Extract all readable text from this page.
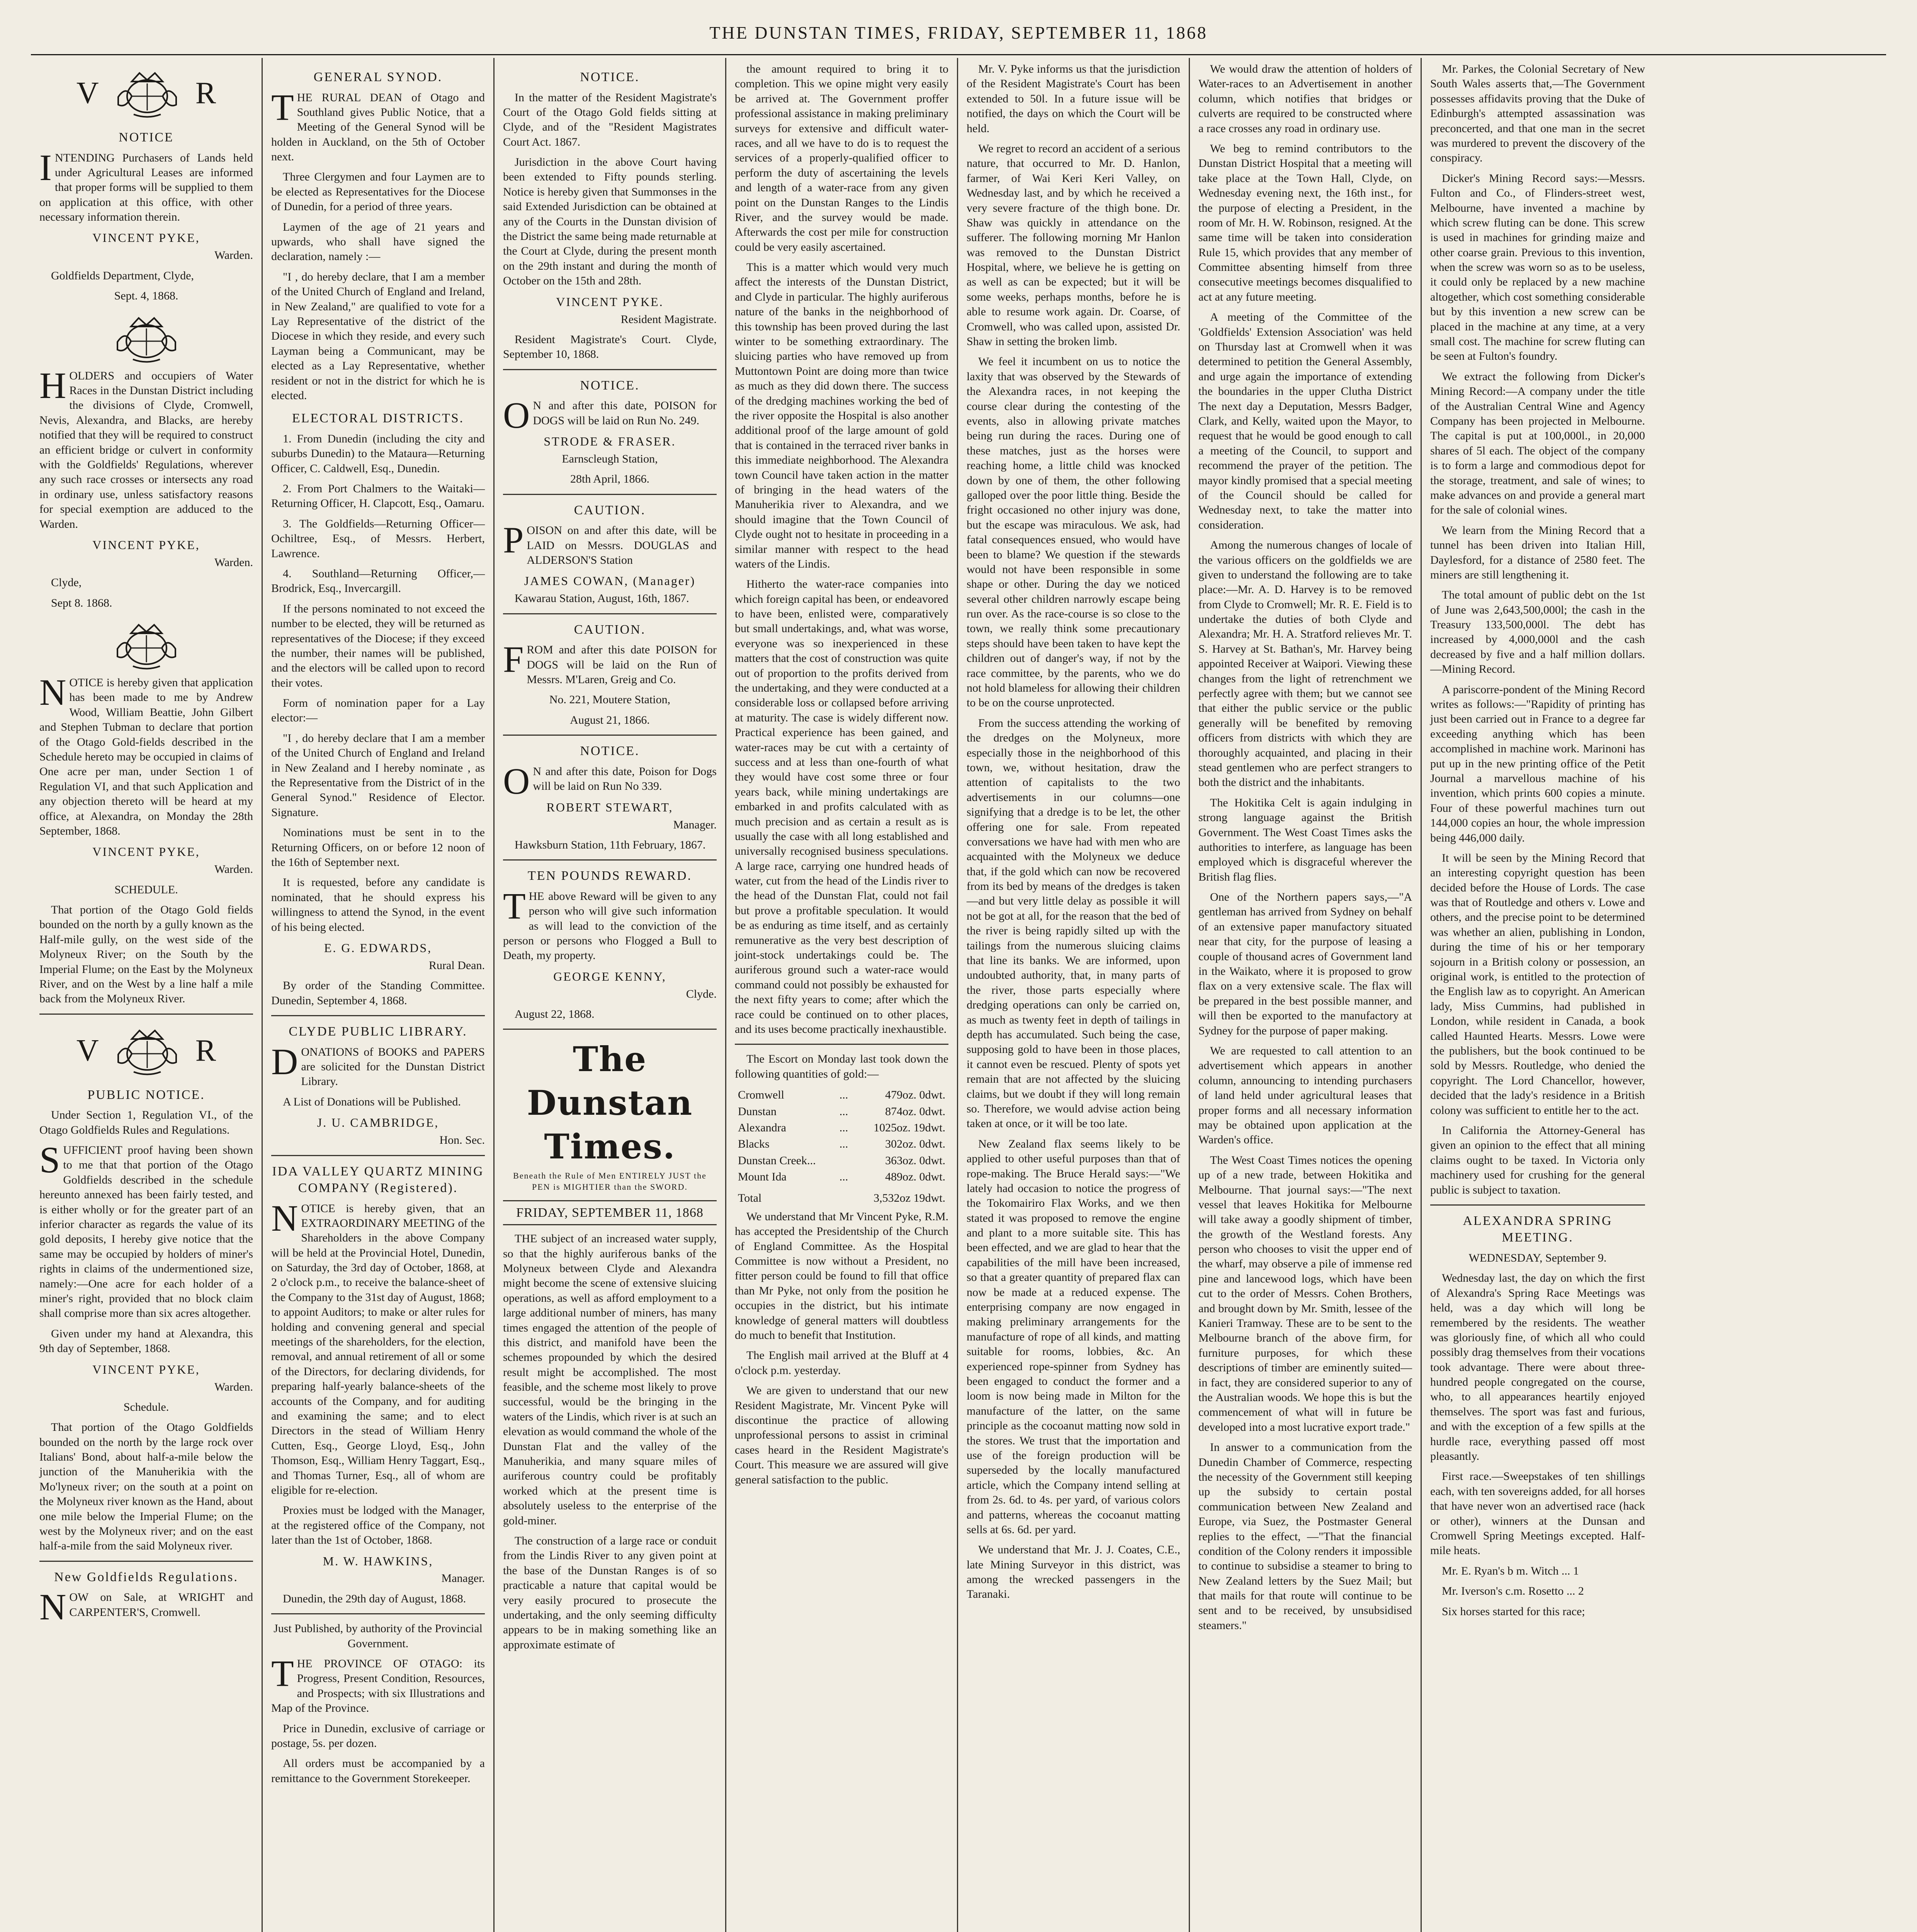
THE DUNSTAN TIMES, FRIDAY, SEPTEMBER 11, 1868
V	R
NOTICE

INTENDING Purchasers of Lands held under Agricultural Leases are informed that proper forms will be supplied to them on application at this office, with other necessary information therein.

VINCENT PYKE,

Warden.

Goldfields Department, Clyde,

Sept. 4, 1868.

HOLDERS and occupiers of Water Races in the Dunstan District including the divisions of Clyde, Cromwell, Nevis, Alexandra, and Blacks, are hereby notified that they will be required to construct an efficient bridge or culvert in conformity with the Goldfields' Regulations, wherever any such race crosses or intersects any road in ordinary use, unless satisfactory reasons for special exemption are adduced to the Warden.

VINCENT PYKE,

Warden.

Clyde,

Sept 8. 1868.

NOTICE is hereby given that application has been made to me by Andrew Wood, William Beattie, John Gilbert and Stephen Tubman to declare that portion of the Otago Gold-fields described in the Schedule hereto may be occupied in claims of One acre per man, under Section 1 of Regulation VI, and that such Application and any objection thereto will be heard at my office, at Alexandra, on Monday the 28th September, 1868.

VINCENT PYKE,

Warden.

SCHEDULE.

That portion of the Otago Gold fields bounded on the north by a gully known as the Half-mile gully, on the west side of the Molyneux River; on the South by the Imperial Flume; on the East by the Molyneux River, and on the West by a line half a mile back from the Molyneux River.

V	R
PUBLIC NOTICE.

Under Section 1, Regulation VI., of the Otago Goldfields Rules and Regulations.

SUFFICIENT proof having been shown to me that that portion of the Otago Goldfields described in the schedule hereunto annexed has been fairly tested, and is either wholly or for the greater part of an inferior character as regards the value of its gold deposits, I hereby give notice that the same may be occupied by holders of miner's rights in claims of the undermentioned size, namely:—One acre for each holder of a miner's right, provided that no block claim shall comprise more than six acres altogether.

Given under my hand at Alexandra, this 9th day of September, 1868.

VINCENT PYKE,

Warden.

Schedule.

That portion of the Otago Goldfields bounded on the north by the large rock over Italians' Bond, about half-a-mile below the junction of the Manuherikia with the Mo'lyneux river; on the south at a point on the Molyneux river known as the Hand, about one mile below the Imperial Flume; on the west by the Molyneux river; and on the east half-a-mile from the said Molyneux river.

New Goldfields Regulations.

NOW on Sale, at WRIGHT and CARPENTER'S, Cromwell.

GENERAL SYNOD.

THE RURAL DEAN of Otago and Southland gives Public Notice, that a Meeting of the General Synod will be holden in Auckland, on the 5th of October next.

Three Clergymen and four Laymen are to be elected as Representatives for the Diocese of Dunedin, for a period of three years.

Laymen of the age of 21 years and upwards, who shall have signed the declaration, namely :—

"I , do hereby declare, that I am a member of the United Church of England and Ireland, in New Zealand," are qualified to vote for a Lay Representative of the district of the Diocese in which they reside, and every such Layman being a Communicant, may be elected as a Lay Representative, whether resident or not in the district for which he is elected.

ELECTORAL DISTRICTS.

1. From Dunedin (including the city and suburbs Dunedin) to the Mataura—Returning Officer, C. Caldwell, Esq., Dunedin.

2. From Port Chalmers to the Waitaki—Returning Officer, H. Clapcott, Esq., Oamaru.

3. The Goldfields—Returning Officer—Ochiltree, Esq., of Messrs. Herbert, Lawrence.

4. Southland—Returning Officer,—Brodrick, Esq., Invercargill.

If the persons nominated to not exceed the number to be elected, they will be returned as representatives of the Diocese; if they exceed the number, their names will be published, and the electors will be called upon to record their votes.

Form of nomination paper for a Lay elector:—

"I , do hereby declare that I am a member of the United Church of England and Ireland in New Zealand and I hereby nominate , as the Representative from the District of in the General Synod." Residence of Elector. Signature.

Nominations must be sent in to the Returning Officers, on or before 12 noon of the 16th of September next.

It is requested, before any candidate is nominated, that he should express his willingness to attend the Synod, in the event of his being elected.

E. G. EDWARDS,

Rural Dean.

By order of the Standing Committee. Dunedin, September 4, 1868.

CLYDE PUBLIC LIBRARY.

DONATIONS of BOOKS and PAPERS are solicited for the Dunstan District Library.

A List of Donations will be Published.

J. U. CAMBRIDGE,

Hon. Sec.

IDA VALLEY QUARTZ MINING COMPANY (Registered).

NOTICE is hereby given, that an EXTRAORDINARY MEETING of the Shareholders in the above Company will be held at the Provincial Hotel, Dunedin, on Saturday, the 3rd day of October, 1868, at 2 o'clock p.m., to receive the balance-sheet of the Company to the 31st day of August, 1868; to appoint Auditors; to make or alter rules for holding and convening general and special meetings of the shareholders, for the election, removal, and annual retirement of all or some of the Directors, for declaring dividends, for preparing half-yearly balance-sheets of the accounts of the Company, and for auditing and examining the same; and to elect Directors in the stead of William Henry Cutten, Esq., George Lloyd, Esq., John Thomson, Esq., William Henry Taggart, Esq., and Thomas Turner, Esq., all of whom are eligible for re-election.

Proxies must be lodged with the Manager, at the registered office of the Company, not later than the 1st of October, 1868.

M. W. HAWKINS,

Manager.

Dunedin, the 29th day of August, 1868.

Just Published, by authority of the Provincial Government.

THE PROVINCE OF OTAGO: its Progress, Present Condition, Resources, and Prospects; with six Illustrations and Map of the Province.

Price in Dunedin, exclusive of carriage or postage, 5s. per dozen.

All orders must be accompanied by a remittance to the Government Storekeeper.

NOTICE.

In the matter of the Resident Magistrate's Court of the Otago Gold fields sitting at Clyde, and of the "Resident Magistrates Court Act. 1867.

Jurisdiction in the above Court having been extended to Fifty pounds sterling. Notice is hereby given that Summonses in the said Extended Jurisdiction can be obtained at any of the Courts in the Dunstan division of the District the same being made returnable at the Court at Clyde, during the present month on the 29th instant and during the month of October on the 15th and 28th.

VINCENT PYKE.

Resident Magistrate.

Resident Magistrate's Court. Clyde, September 10, 1868.

NOTICE.

O N and after this date, POISON for DOGS will be laid on Run No. 249.

STRODE & FRASER.

Earnscleugh Station,

28th April, 1866.

CAUTION.

POISON on and after this date, will be LAID on Messrs. DOUGLAS and ALDERSON'S Station

JAMES COWAN, (Manager)

Kawarau Station, August, 16th, 1867.

CAUTION.

FROM and after this date POISON for DOGS will be laid on the Run of Messrs. M'Laren, Greig and Co.

No. 221, Moutere Station,

August 21, 1866.

NOTICE.

O N and after this date, Poison for Dogs will be laid on Run No 339.

ROBERT STEWART,

Manager.

Hawksburn Station, 11th February, 1867.

TEN POUNDS REWARD.

THE above Reward will be given to any person who will give such information as will lead to the conviction of the person or persons who Flogged a Bull to Death, my property.

GEORGE KENNY,

Clyde.

August 22, 1868.

The Dunstan Times.
Beneath the Rule of Men ENTIRELY JUST the PEN is MIGHTIER than the SWORD.
FRIDAY, SEPTEMBER 11, 1868

THE subject of an increased water supply, so that the highly auriferous banks of the Molyneux between Clyde and Alexandra might become the scene of extensive sluicing operations, as well as afford employment to a large additional number of miners, has many times engaged the attention of the people of this district, and manifold have been the schemes propounded by which the desired result might be accomplished. The most feasible, and the scheme most likely to prove successful, would be the bringing in the waters of the Lindis, which river is at such an elevation as would command the whole of the Dunstan Flat and the valley of the Manuherikia, and many square miles of auriferous country could be profitably worked which at the present time is absolutely useless to the enterprise of the gold-miner.

The construction of a large race or conduit from the Lindis River to any given point at the base of the Dunstan Ranges is of so practicable a nature that capital would be very easily procured to prosecute the undertaking, and the only seeming difficulty appears to be in making something like an approximate estimate of

the amount required to bring it to completion. This we opine might very easily be arrived at. The Government proffer professional assistance in making preliminary surveys for extensive and difficult water-races, and all we have to do is to request the services of a properly-qualified officer to perform the duty of ascertaining the levels and length of a water-race from any given point on the Dunstan Ranges to the Lindis River, and the survey would be made. Afterwards the cost per mile for construction could be very easily ascertained.

This is a matter which would very much affect the interests of the Dunstan District, and Clyde in particular. The highly auriferous nature of the banks in the neighborhood of this township has been proved during the last winter to be something extraordinary. The sluicing parties who have removed up from Muttontown Point are doing more than twice as much as they did down there. The success of the dredging machines working the bed of the river opposite the Hospital is also another additional proof of the large amount of gold that is contained in the terraced river banks in this immediate neighborhood. The Alexandra town Council have taken action in the matter of bringing in the head waters of the Manuherikia river to Alexandra, and we should imagine that the Town Council of Clyde ought not to hesitate in proceeding in a similar manner with respect to the head waters of the Lindis.

Hitherto the water-race companies into which foreign capital has been, or endeavored to have been, enlisted were, comparatively but small undertakings, and, what was worse, everyone was so inexperienced in these matters that the cost of construction was quite out of proportion to the profits derived from the undertaking, and they were conducted at a considerable loss or collapsed before arriving at maturity. The case is widely different now. Practical experience has been gained, and water-races may be cut with a certainty of success and at less than one-fourth of what they would have cost some three or four years back, while mining undertakings are embarked in and profits calculated with as much precision and as certain a result as is usually the case with all long established and universally recognised business speculations. A large race, carrying one hundred heads of water, cut from the head of the Lindis river to the head of the Dunstan Flat, could not fail but prove a profitable speculation. It would be as enduring as time itself, and as certainly remunerative as the very best description of joint-stock undertakings could be. The auriferous ground such a water-race would command could not possibly be exhausted for the next fifty years to come; after which the race could be continued on to other places, and its uses become practically inexhaustible.

The Escort on Monday last took down the following quantities of gold:—

Cromwell	...	479oz. 0dwt.
Dunstan	...	874oz. 0dwt.
Alexandra	...	1025oz. 19dwt.
Blacks	...	302oz. 0dwt.
Dunstan Creek...		363oz. 0dwt.
Mount Ida	...	489oz. 0dwt.
Total		3,532oz 19dwt.

We understand that Mr Vincent Pyke, R.M. has accepted the Presidentship of the Church of England Committee. As the Hospital Committee is now without a President, no fitter person could be found to fill that office than Mr Pyke, not only from the position he occupies in the district, but his intimate knowledge of general matters will doubtless do much to benefit that Institution.

The English mail arrived at the Bluff at 4 o'clock p.m. yesterday.

We are given to understand that our new Resident Magistrate, Mr. Vincent Pyke will discontinue the practice of allowing unprofessional persons to assist in criminal cases heard in the Resident Magistrate's Court. This measure we are assured will give general satisfaction to the public.

Mr. V. Pyke informs us that the jurisdiction of the Resident Magistrate's Court has been extended to 50l. In a future issue will be notified, the days on which the Court will be held.

We regret to record an accident of a serious nature, that occurred to Mr. D. Hanlon, farmer, of Wai Keri Keri Valley, on Wednesday last, and by which he received a very severe fracture of the thigh bone. Dr. Shaw was quickly in attendance on the sufferer. The following morning Mr Hanlon was removed to the Dunstan District Hospital, where, we believe he is getting on as well as can be expected; but it will be some weeks, perhaps months, before he is able to resume work again. Dr. Coarse, of Cromwell, who was called upon, assisted Dr. Shaw in setting the broken limb.

We feel it incumbent on us to notice the laxity that was observed by the Stewards of the Alexandra races, in not keeping the course clear during the contesting of the events, also in allowing private matches being run during the races. During one of these matches, just as the horses were reaching home, a little child was knocked down by one of them, the other following galloped over the poor little thing. Beside the fright occasioned no other injury was done, but the escape was miraculous. We ask, had fatal consequences ensued, who would have been to blame? We question if the stewards would not have been responsible in some shape or other. During the day we noticed several other children narrowly escape being run over. As the race-course is so close to the town, we really think some precautionary steps should have been taken to have kept the children out of danger's way, if not by the race committee, by the parents, who we do not hold blameless for allowing their children to be on the course unprotected.

From the success attending the working of the dredges on the Molyneux, more especially those in the neighborhood of this town, we, without hesitation, draw the attention of capitalists to the two advertisements in our columns—one signifying that a dredge is to be let, the other offering one for sale. From repeated conversations we have had with men who are acquainted with the Molyneux we deduce that, if the gold which can now be recovered from its bed by means of the dredges is taken—and but very little delay as possible it will not be got at all, for the reason that the bed of the river is being rapidly silted up with the tailings from the numerous sluicing claims that line its banks. We are informed, upon undoubted authority, that, in many parts of the river, those parts especially where dredging operations can only be carried on, as much as twenty feet in depth of tailings in depth has accumulated. Such being the case, supposing gold to have been in those places, it cannot even be rescued. Plenty of spots yet remain that are not affected by the sluicing claims, but we doubt if they will long remain so. Therefore, we would advise action being taken at once, or it will be too late.

New Zealand flax seems likely to be applied to other useful purposes than that of rope-making. The Bruce Herald says:—"We lately had occasion to notice the progress of the Tokomairiro Flax Works, and we then stated it was proposed to remove the engine and plant to a more suitable site. This has been effected, and we are glad to hear that the capabilities of the mill have been increased, so that a greater quantity of prepared flax can now be made at a reduced expense. The enterprising company are now engaged in making preliminary arrangements for the manufacture of rope of all kinds, and matting suitable for rooms, lobbies, &c. An experienced rope-spinner from Sydney has been engaged to conduct the former and a loom is now being made in Milton for the manufacture of the latter, on the same principle as the cocoanut matting now sold in the stores. We trust that the importation and use of the foreign production will be superseded by the locally manufactured article, which the Company intend selling at from 2s. 6d. to 4s. per yard, of various colors and patterns, whereas the cocoanut matting sells at 6s. 6d. per yard.

We understand that Mr. J. J. Coates, C.E., late Mining Surveyor in this district, was among the wrecked passengers in the Taranaki.

We would draw the attention of holders of Water-races to an Advertisement in another column, which notifies that bridges or culverts are required to be constructed where a race crosses any road in ordinary use.

We beg to remind contributors to the Dunstan District Hospital that a meeting will take place at the Town Hall, Clyde, on Wednesday evening next, the 16th inst., for the purpose of electing a President, in the room of Mr. H. W. Robinson, resigned. At the same time will be taken into consideration Rule 15, which provides that any member of Committee absenting himself from three consecutive meetings becomes disqualified to act at any future meeting.

A meeting of the Committee of the 'Goldfields' Extension Association' was held on Thursday last at Cromwell when it was determined to petition the General Assembly, and urge again the importance of extending the boundaries in the upper Clutha District The next day a Deputation, Messrs Badger, Clark, and Kelly, waited upon the Mayor, to request that he would be good enough to call a meeting of the Council, to support and recommend the prayer of the petition. The mayor kindly promised that a special meeting of the Council should be called for Wednesday next, to take the matter into consideration.

Among the numerous changes of locale of the various officers on the goldfields we are given to understand the following are to take place:—Mr. A. D. Harvey is to be removed from Clyde to Cromwell; Mr. R. E. Field is to undertake the duties of both Clyde and Alexandra; Mr. H. A. Stratford relieves Mr. T. S. Harvey at St. Bathan's, Mr. Harvey being appointed Receiver at Waipori. Viewing these changes from the light of retrenchment we perfectly agree with them; but we cannot see that either the public service or the public generally will be benefited by removing officers from districts with which they are thoroughly acquainted, and placing in their stead gentlemen who are perfect strangers to both the district and the inhabitants.

The Hokitika Celt is again indulging in strong language against the British Government. The West Coast Times asks the authorities to interfere, as language has been employed which is disgraceful wherever the British flag flies.

One of the Northern papers says,—"A gentleman has arrived from Sydney on behalf of an extensive paper manufactory situated near that city, for the purpose of leasing a couple of thousand acres of Government land in the Waikato, where it is proposed to grow flax on a very extensive scale. The flax will be prepared in the best possible manner, and will then be exported to the manufactory at Sydney for the purpose of paper making.

We are requested to call attention to an advertisement which appears in another column, announcing to intending purchasers of land held under agricultural leases that proper forms and all necessary information may be obtained upon application at the Warden's office.

The West Coast Times notices the opening up of a new trade, between Hokitika and Melbourne. That journal says:—"The next vessel that leaves Hokitika for Melbourne will take away a goodly shipment of timber, the growth of the Westland forests. Any person who chooses to visit the upper end of the wharf, may observe a pile of immense red pine and lancewood logs, which have been cut to the order of Messrs. Cohen Brothers, and brought down by Mr. Smith, lessee of the Kanieri Tramway. These are to be sent to the Melbourne branch of the above firm, for furniture purposes, for which these descriptions of timber are eminently suited—in fact, they are considered superior to any of the Australian woods. We hope this is but the commencement of what will in future be developed into a most lucrative export trade."

In answer to a communication from the Dunedin Chamber of Commerce, respecting the necessity of the Government still keeping up the subsidy to certain postal communication between New Zealand and Europe, via Suez, the Postmaster General replies to the effect, —"That the financial condition of the Colony renders it impossible to continue to subsidise a steamer to bring to New Zealand letters by the Suez Mail; but that mails for that route will continue to be sent and to be received, by unsubsidised steamers."

Mr. Parkes, the Colonial Secretary of New South Wales asserts that,—The Government possesses affidavits proving that the Duke of Edinburgh's attempted assassination was preconcerted, and that one man in the secret was murdered to prevent the discovery of the conspiracy.

Dicker's Mining Record says:—Messrs. Fulton and Co., of Flinders-street west, Melbourne, have invented a machine by which screw fluting can be done. This screw is used in machines for grinding maize and other coarse grain. Previous to this invention, when the screw was worn so as to be useless, it could only be replaced by a new machine altogether, which cost something considerable but by this invention a new screw can be placed in the machine at any time, at a very small cost. The machine for screw fluting can be seen at Fulton's foundry.

We extract the following from Dicker's Mining Record:—A company under the title of the Australian Central Wine and Agency Company has been projected in Melbourne. The capital is put at 100,000l., in 20,000 shares of 5l each. The object of the company is to form a large and commodious depot for the storage, treatment, and sale of wines; to make advances on and provide a general mart for the sale of colonial wines.

We learn from the Mining Record that a tunnel has been driven into Italian Hill, Daylesford, for a distance of 2580 feet. The miners are still lengthening it.

The total amount of public debt on the 1st of June was 2,643,500,000l; the cash in the Treasury 133,500,000l. The debt has increased by 4,000,000l and the cash decreased by five and a half million dollars.—Mining Record.

A pariscorre-pondent of the Mining Record writes as follows:—"Rapidity of printing has just been carried out in France to a degree far exceeding anything which has been accomplished in machine work. Marinoni has put up in the new printing office of the Petit Journal a marvellous machine of his invention, which prints 600 copies a minute. Four of these powerful machines turn out 144,000 copies an hour, the whole impression being 446,000 daily.

It will be seen by the Mining Record that an interesting copyright question has been decided before the House of Lords. The case was that of Routledge and others v. Lowe and others, and the precise point to be determined was whether an alien, publishing in London, during the time of his or her temporary sojourn in a British colony or possession, an original work, is entitled to the protection of the English law as to copyright. An American lady, Miss Cummins, had published in London, while resident in Canada, a book called Haunted Hearts. Messrs. Lowe were the publishers, but the book continued to be sold by Messrs. Routledge, who denied the copyright. The Lord Chancellor, however, decided that the lady's residence in a British colony was sufficient to entitle her to the act.

In California the Attorney-General has given an opinion to the effect that all mining claims ought to be taxed. In Victoria only machinery used for crushing for the general public is subject to taxation.

ALEXANDRA SPRING MEETING.

WEDNESDAY, September 9.

Wednesday last, the day on which the first of Alexandra's Spring Race Meetings was held, was a day which will long be remembered by the residents. The weather was gloriously fine, of which all who could possibly drag themselves from their vocations took advantage. There were about three-hundred people congregated on the course, who, to all appearances heartily enjoyed themselves. The sport was fast and furious, and with the exception of a few spills at the hurdle race, everything passed off most pleasantly.

First race.—Sweepstakes of ten shillings each, with ten sovereigns added, for all horses that have never won an advertised race (hack or other), winners at the Dunsan and Cromwell Spring Meetings excepted. Half-mile heats.

Mr. E. Ryan's b m. Witch ... 1

Mr. Iverson's c.m. Rosetto ... 2

Six horses started for this race;
